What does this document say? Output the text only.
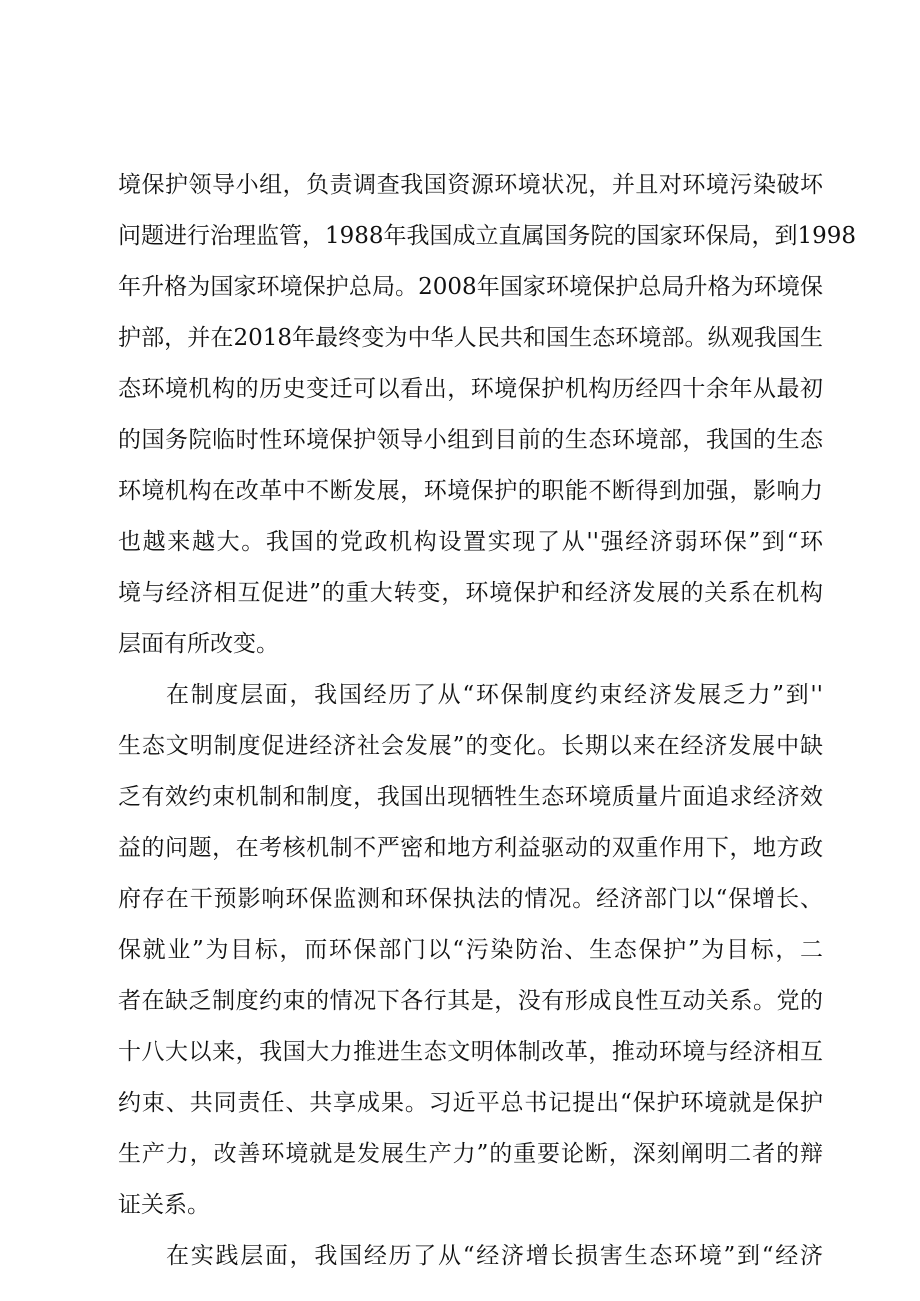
境保护领导小组，负责调查我国资源环境状况，并且对环境污染破坏
问题进行治理监管，1988年我国成立直属国务院的国家环保局，到1998
年升格为国家环境保护总局。2008年国家环境保护总局升格为环境保
护部，并在2018年最终变为中华人民共和国生态环境部。纵观我国生
态环境机构的历史变迁可以看出，环境保护机构历经四十余年从最初
的国务院临时性环境保护领导小组到目前的生态环境部，我国的生态
环境机构在改革中不断发展，环境保护的职能不断得到加强，影响力
也越来越大。我国的党政机构设置实现了从''强经济弱环保”到“环
境与经济相互促进”的重大转变，环境保护和经济发展的关系在机构
层面有所改变。
在制度层面，我国经历了从“环保制度约束经济发展乏力”到''
生态文明制度促进经济社会发展”的变化。长期以来在经济发展中缺
乏有效约束机制和制度，我国出现牺牲生态环境质量片面追求经济效
益的问题，在考核机制不严密和地方利益驱动的双重作用下，地方政
府存在干预影响环保监测和环保执法的情况。经济部门以“保增长、
保就业”为目标，而环保部门以“污染防治、生态保护”为目标，二
者在缺乏制度约束的情况下各行其是，没有形成良性互动关系。党的
十八大以来，我国大力推进生态文明体制改革，推动环境与经济相互
约束、共同责任、共享成果。习近平总书记提出“保护环境就是保护
生产力，改善环境就是发展生产力”的重要论断，深刻阐明二者的辩
证关系。
在实践层面，我国经历了从“经济增长损害生态环境”到“经济
